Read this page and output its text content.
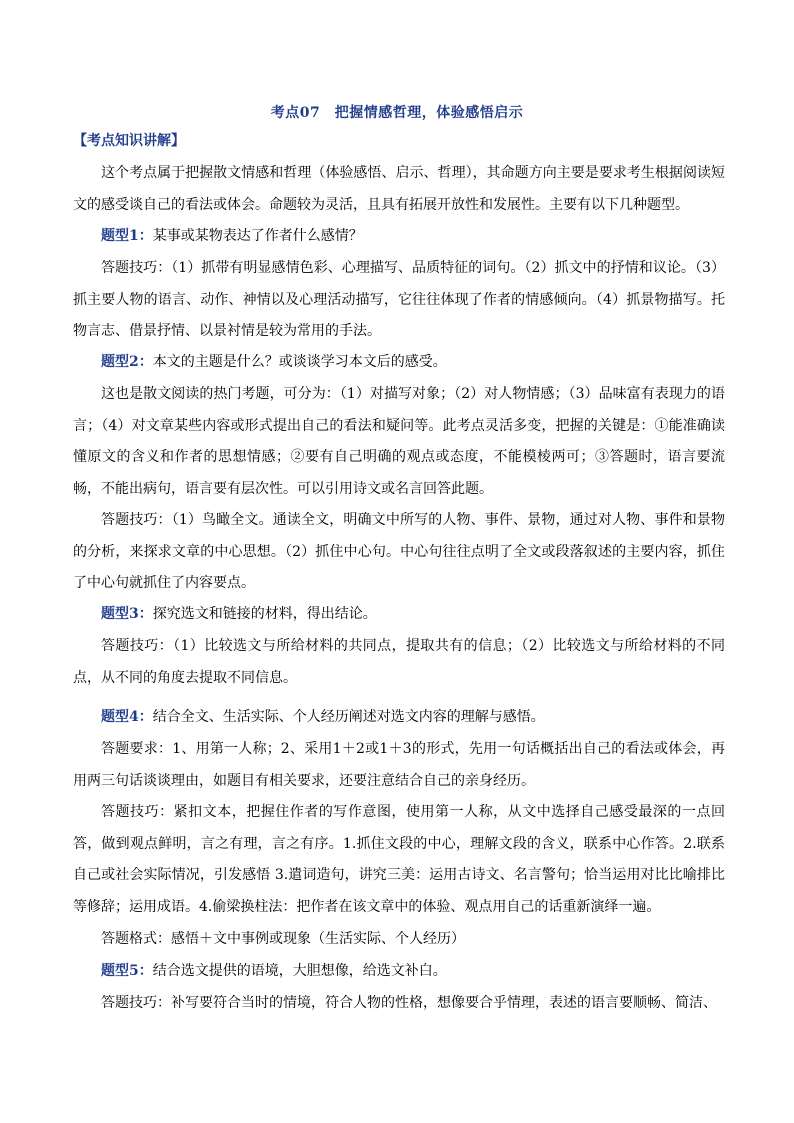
考点07　把握情感哲理，体验感悟启示
【考点知识讲解】

这个考点属于把握散文情感和哲理（体验感悟、启示、哲理），其命题方向主要是要求考生根据阅读短文的感受谈自己的看法或体会。命题较为灵活，且具有拓展开放性和发展性。主要有以下几种题型。

题型1：某事或某物表达了作者什么感情？

答题技巧：（1）抓带有明显感情色彩、心理描写、品质特征的词句。（2）抓文中的抒情和议论。（3）抓主要人物的语言、动作、神情以及心理活动描写，它往往体现了作者的情感倾向。（4）抓景物描写。托物言志、借景抒情、以景衬情是较为常用的手法。

题型2：本文的主题是什么？或谈谈学习本文后的感受。

这也是散文阅读的热门考题，可分为：（1）对描写对象；（2）对人物情感；（3）品味富有表现力的语言；（4）对文章某些内容或形式提出自己的看法和疑问等。此考点灵活多变，把握的关键是：①能准确读懂原文的含义和作者的思想情感；②要有自己明确的观点或态度，不能模棱两可；③答题时，语言要流畅，不能出病句，语言要有层次性。可以引用诗文或名言回答此题。

答题技巧：（1）鸟瞰全文。通读全文，明确文中所写的人物、事件、景物，通过对人物、事件和景物的分析，来探求文章的中心思想。（2）抓住中心句。中心句往往点明了全文或段落叙述的主要内容，抓住了中心句就抓住了内容要点。

题型3：探究选文和链接的材料，得出结论。

答题技巧：（1）比较选文与所给材料的共同点，提取共有的信息；（2）比较选文与所给材料的不同点，从不同的角度去提取不同信息。

题型4：结合全文、生活实际、个人经历阐述对选文内容的理解与感悟。

答题要求：1、用第一人称；2、采用1＋2或1＋3的形式，先用一句话概括出自己的看法或体会，再用两三句话谈谈理由，如题目有相关要求，还要注意结合自己的亲身经历。

答题技巧：紧扣文本，把握住作者的写作意图，使用第一人称，从文中选择自己感受最深的一点回答，做到观点鲜明，言之有理，言之有序。1.抓住文段的中心，理解文段的含义，联系中心作答。2.联系自己或社会实际情况，引发感悟 3.遣词造句，讲究三美：运用古诗文、名言警句；恰当运用对比比喻排比等修辞；运用成语。4.偷梁换柱法：把作者在该文章中的体验、观点用自己的话重新演绎一遍。

答题格式：感悟＋文中事例或现象（生活实际、个人经历）

题型5：结合选文提供的语境，大胆想像，给选文补白。

答题技巧：补写要符合当时的情境，符合人物的性格，想像要合乎情理，表述的语言要顺畅、简洁、
